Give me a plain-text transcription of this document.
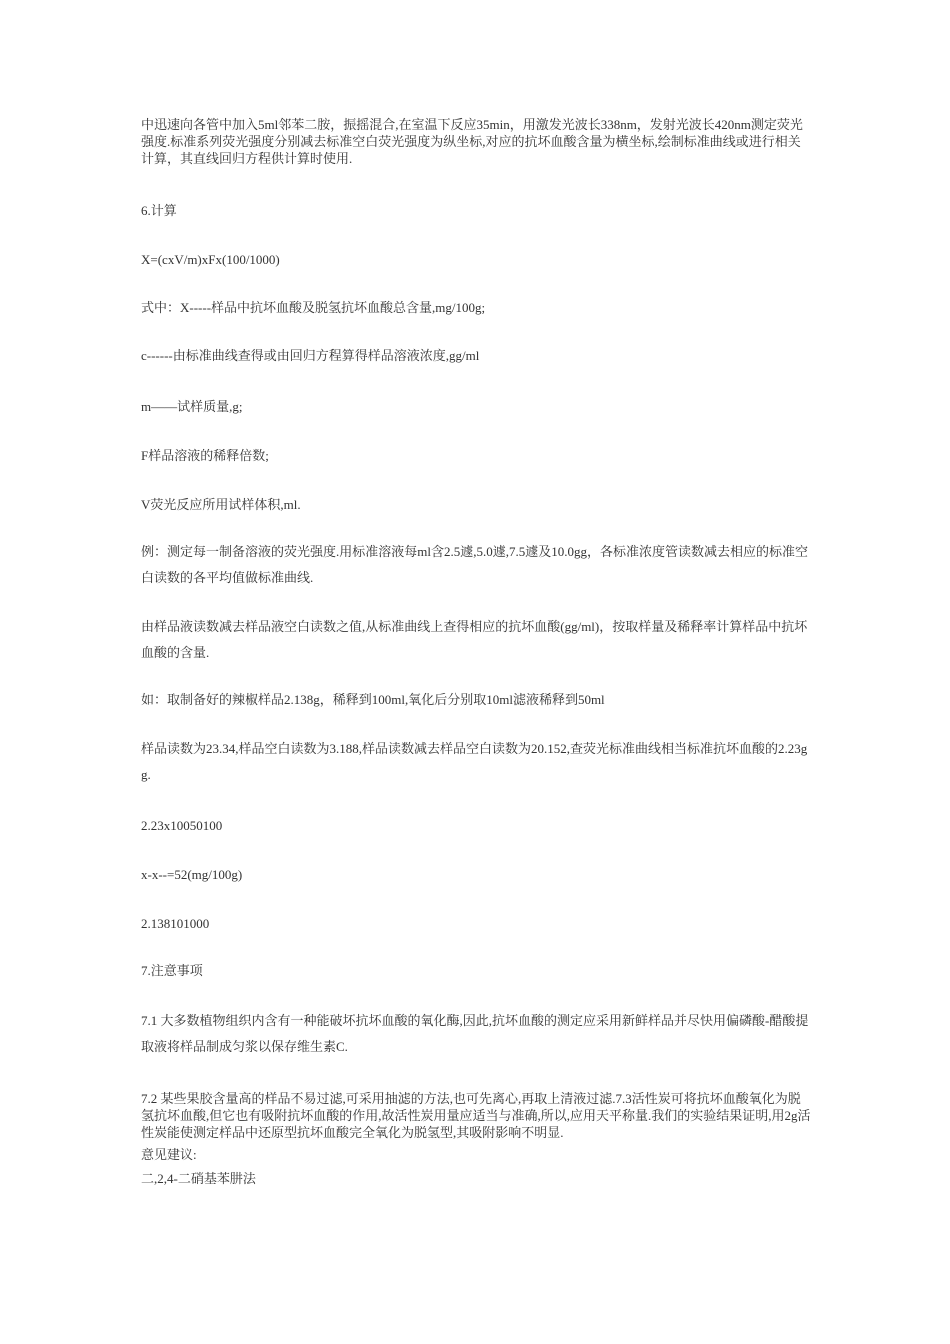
中迅速向各管中加入5ml邻苯二胺，振摇混合,在室温下反应35min，用激发光波长338nm，发射光波长420nm测定荧光强度.标准系列荧光强度分别减去标准空白荧光强度为纵坐标,对应的抗坏血酸含量为横坐标,绘制标准曲线或进行相关计算，其直线回归方程供计算时使用.

6.计算

X=(cxV/m)xFx(100/1000)

式中：X-----样品中抗坏血酸及脱氢抗坏血酸总含量,mg/100g;

c------由标准曲线查得或由回归方程算得样品溶液浓度,gg/ml

m——试样质量,g;

F样品溶液的稀释倍数;

V荧光反应所用试样体积,ml.

例：测定每一制备溶液的荧光强度.用标准溶液每ml含2.5遽,5.0遽,7.5遽及10.0gg，各标准浓度管读数减去相应的标准空白读数的各平均值做标准曲线.

由样品液读数减去样品液空白读数之值,从标准曲线上查得相应的抗坏血酸(gg/ml)，按取样量及稀释率计算样品中抗坏血酸的含量.

如：取制备好的辣椒样品2.138g，稀释到100ml,氧化后分别取10ml滤液稀释到50ml

样品读数为23.34,样品空白读数为3.188,样品读数减去样品空白读数为20.152,查荧光标准曲线相当标准抗坏血酸的2.23gg.

2.23x10050100

x-x--=52(mg/100g)

2.138101000

7.注意事项

7.1 大多数植物组织内含有一种能破坏抗坏血酸的氧化酶,因此,抗坏血酸的测定应采用新鲜样品并尽快用偏磷酸-醋酸提取液将样品制成匀浆以保存维生素C.

7.2 某些果胶含量高的样品不易过滤,可采用抽滤的方法,也可先离心,再取上清液过滤.7.3活性炭可将抗坏血酸氧化为脱氢抗坏血酸,但它也有吸附抗坏血酸的作用,故活性炭用量应适当与准确,所以,应用天平称量.我们的实验结果证明,用2g活性炭能使测定样品中还原型抗坏血酸完全氧化为脱氢型,其吸附影响不明显.

意见建议:

二,2,4-二硝基苯肼法
